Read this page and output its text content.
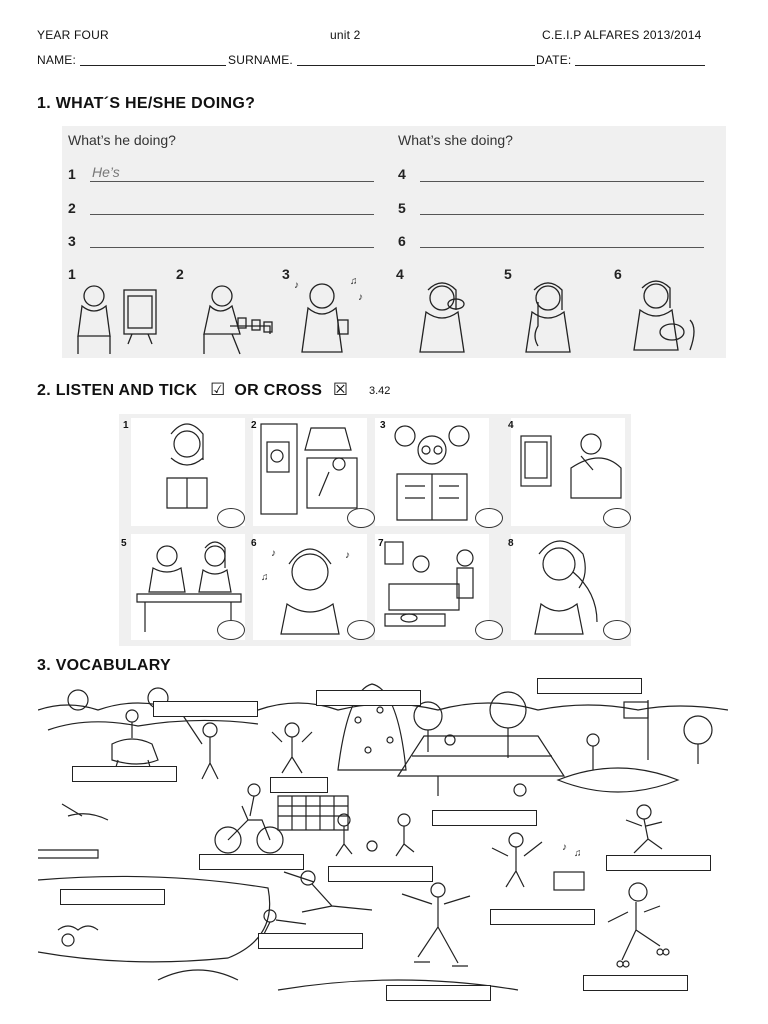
YEAR FOUR	unit 2	C.E.I.P ALFARES 2013/2014
NAME:	SURNAME.	DATE:
1. WHAT´S HE/SHE DOING?
What’s he doing?	What’s she doing?
1 He’s
2
3
4
5
6
1	2	3	4	5	6
♪	♫
♪
2. LISTEN AND TICK ☑ OR CROSS ☒ 3.42
♪
♫
♪
1	2	3	4
5	6	7	8
3. VOCABULARY
♪
♫
